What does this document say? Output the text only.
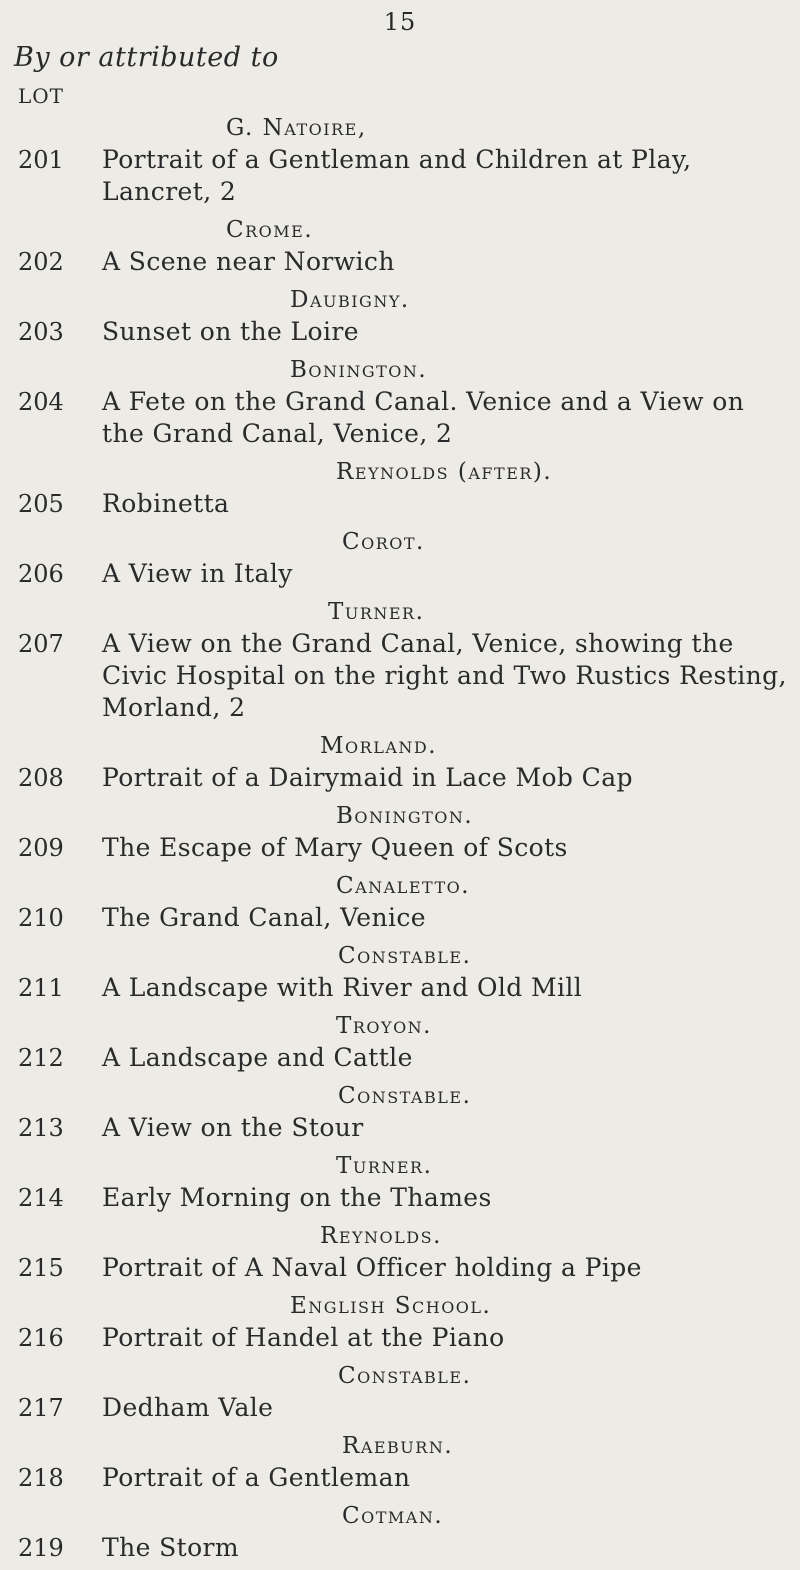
15
By or attributed to
LOT
G. Natoire,
201	Portrait of a Gentleman and Children at Play, Lancret, 2
Crome.
202	A Scene near Norwich
Daubigny.
203	Sunset on the Loire
Bonington.
204	A Fete on the Grand Canal. Venice and a View on the Grand Canal, Venice, 2
Reynolds (after).
205	Robinetta
Corot.
206	A View in Italy
Turner.
207	A View on the Grand Canal, Venice, showing the Civic Hospital on the right and Two Rustics Resting, Morland, 2
Morland.
208	Portrait of a Dairymaid in Lace Mob Cap
Bonington.
209	The Escape of Mary Queen of Scots
Canaletto.
210	The Grand Canal, Venice
Constable.
211	A Landscape with River and Old Mill
Troyon.
212	A Landscape and Cattle
Constable.
213	A View on the Stour
Turner.
214	Early Morning on the Thames
Reynolds.
215	Portrait of A Naval Officer holding a Pipe
English School.
216	Portrait of Handel at the Piano
Constable.
217	Dedham Vale
Raeburn.
218	Portrait of a Gentleman
Cotman.
219	The Storm
